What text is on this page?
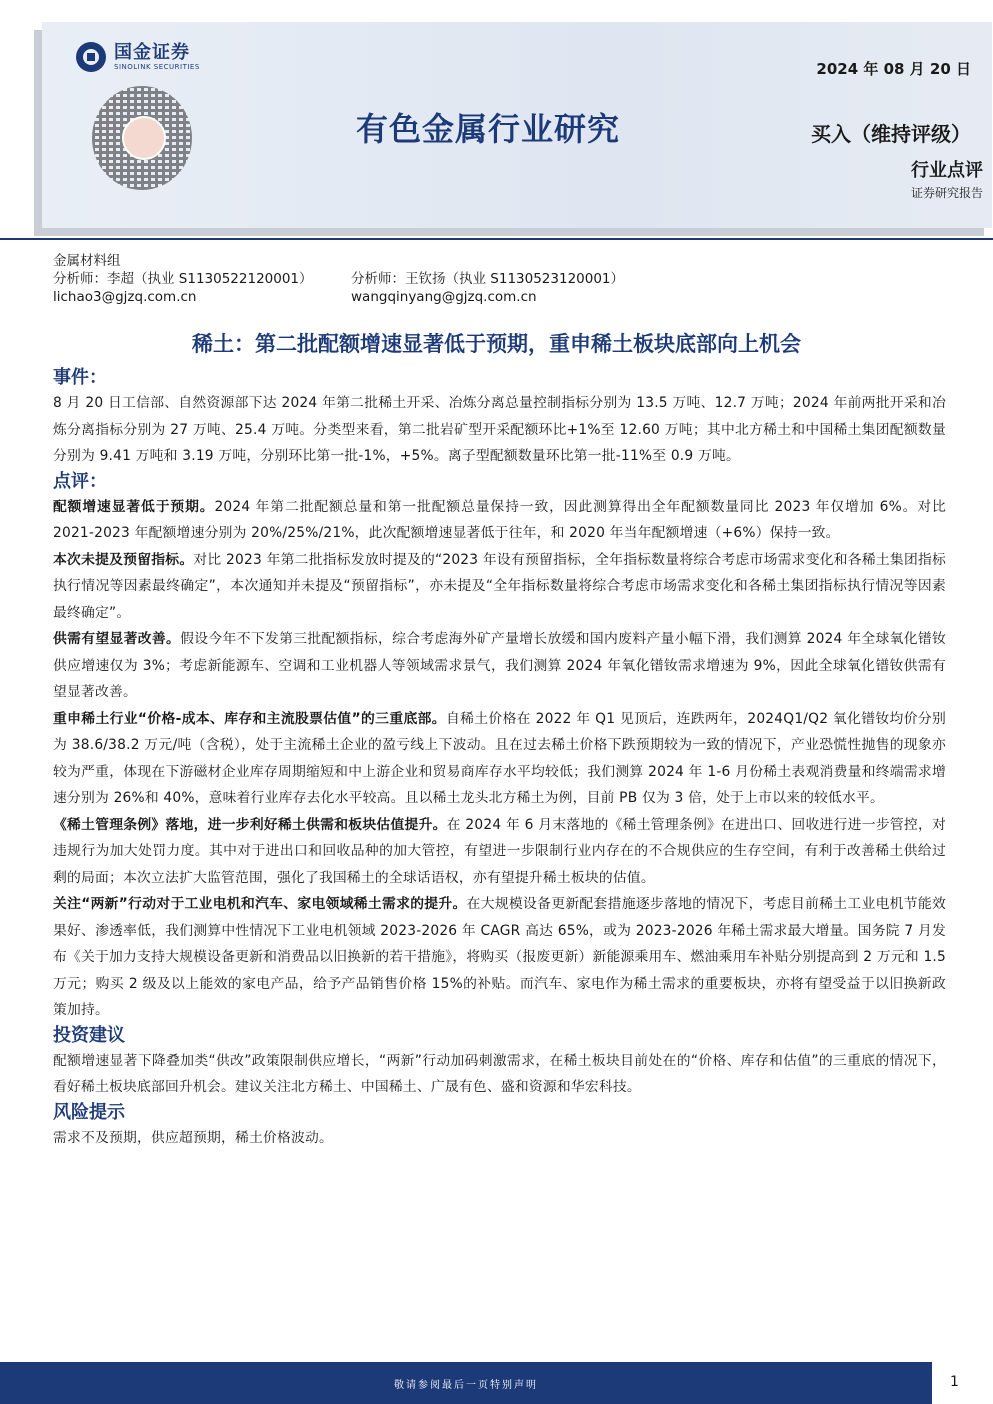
国金证券
SINOLINK SECURITIES	2024 年 08 月 20 日
有色金属行业研究	买入（维持评级）
行业点评
证券研究报告
金属材料组
分析师：李超（执业 S1130522120001）	分析师：王钦扬（执业 S1130523120001）
lichao3@gjzq.com.cn	wangqinyang@gjzq.com.cn
稀土：第二批配额增速显著低于预期，重申稀土板块底部向上机会
事件：

8 月 20 日工信部、自然资源部下达 2024 年第二批稀土开采、冶炼分离总量控制指标分别为 13.5 万吨、12.7 万吨；2024 年前两批开采和冶炼分离指标分别为 27 万吨、25.4 万吨。分类型来看，第二批岩矿型开采配额环比+1%至 12.60 万吨；其中北方稀土和中国稀土集团配额数量分别为 9.41 万吨和 3.19 万吨，分别环比第一批-1%，+5%。离子型配额数量环比第一批-11%至 0.9 万吨。

点评：

配额增速显著低于预期。2024 年第二批配额总量和第一批配额总量保持一致，因此测算得出全年配额数量同比 2023 年仅增加 6%。对比 2021-2023 年配额增速分别为 20%/25%/21%，此次配额增速显著低于往年，和 2020 年当年配额增速（+6%）保持一致。

本次未提及预留指标。对比 2023 年第二批指标发放时提及的“2023 年设有预留指标，全年指标数量将综合考虑市场需求变化和各稀土集团指标执行情况等因素最终确定”，本次通知并未提及“预留指标”，亦未提及“全年指标数量将综合考虑市场需求变化和各稀土集团指标执行情况等因素最终确定”。

供需有望显著改善。假设今年不下发第三批配额指标，综合考虑海外矿产量增长放缓和国内废料产量小幅下滑，我们测算 2024 年全球氧化镨钕供应增速仅为 3%；考虑新能源车、空调和工业机器人等领域需求景气，我们测算 2024 年氧化镨钕需求增速为 9%，因此全球氧化镨钕供需有望显著改善。

重申稀土行业“价格-成本、库存和主流股票估值”的三重底部。自稀土价格在 2022 年 Q1 见顶后，连跌两年，2024Q1/Q2 氧化镨钕均价分别为 38.6/38.2 万元/吨（含税），处于主流稀土企业的盈亏线上下波动。且在过去稀土价格下跌预期较为一致的情况下，产业恐慌性抛售的现象亦较为严重，体现在下游磁材企业库存周期缩短和中上游企业和贸易商库存水平均较低；我们测算 2024 年 1-6 月份稀土表观消费量和终端需求增速分别为 26%和 40%，意味着行业库存去化水平较高。且以稀土龙头北方稀土为例，目前 PB 仅为 3 倍，处于上市以来的较低水平。

《稀土管理条例》落地，进一步利好稀土供需和板块估值提升。在 2024 年 6 月末落地的《稀土管理条例》在进出口、回收进行进一步管控，对违规行为加大处罚力度。其中对于进出口和回收品种的加大管控，有望进一步限制行业内存在的不合规供应的生存空间，有利于改善稀土供给过剩的局面；本次立法扩大监管范围，强化了我国稀土的全球话语权，亦有望提升稀土板块的估值。

关注“两新”行动对于工业电机和汽车、家电领域稀土需求的提升。在大规模设备更新配套措施逐步落地的情况下，考虑目前稀土工业电机节能效果好、渗透率低，我们测算中性情况下工业电机领域 2023-2026 年 CAGR 高达 65%，或为 2023-2026 年稀土需求最大增量。国务院 7 月发布《关于加力支持大规模设备更新和消费品以旧换新的若干措施》，将购买（报废更新）新能源乘用车、燃油乘用车补贴分别提高到 2 万元和 1.5 万元；购买 2 级及以上能效的家电产品，给予产品销售价格 15%的补贴。而汽车、家电作为稀土需求的重要板块，亦将有望受益于以旧换新政策加持。

投资建议

配额增速显著下降叠加类“供改”政策限制供应增长，“两新”行动加码刺激需求，在稀土板块目前处在的“价格、库存和估值”的三重底的情况下，看好稀土板块底部回升机会。建议关注北方稀土、中国稀土、广晟有色、盛和资源和华宏科技。

风险提示

需求不及预期，供应超预期，稀土价格波动。

敬请参阅最后一页特别声明	1
